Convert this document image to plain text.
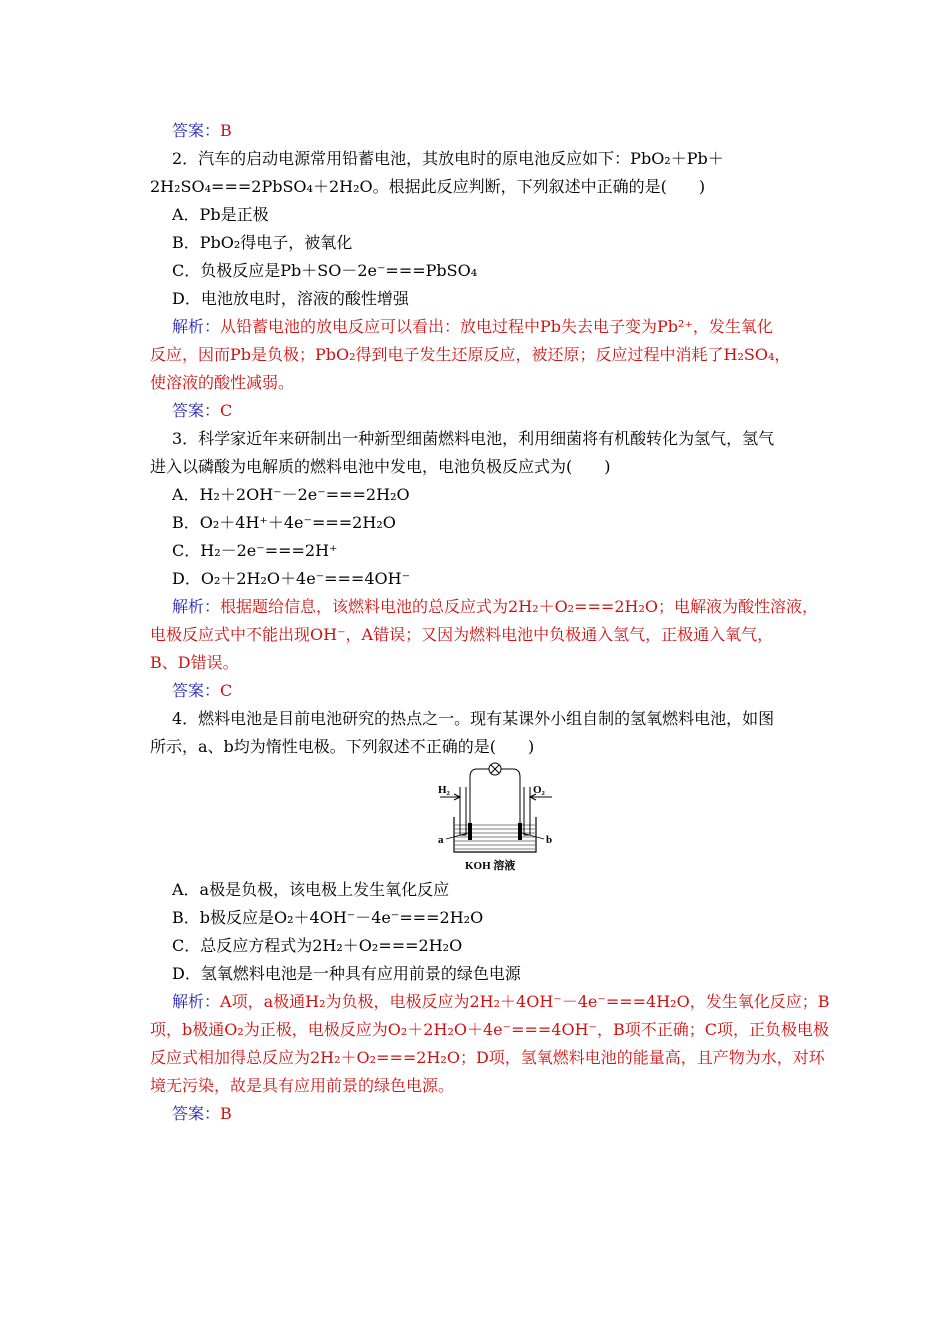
答案：B
2．汽车的启动电源常用铅蓄电池，其放电时的原电池反应如下：PbO₂＋Pb＋
2H₂SO₄===2PbSO₄＋2H₂O。根据此反应判断，下列叙述中正确的是(　　)
A．Pb是正极
B．PbO₂得电子，被氧化
C．负极反应是Pb＋SO－2e⁻===PbSO₄
D．电池放电时，溶液的酸性增强
解析：从铅蓄电池的放电反应可以看出：放电过程中Pb失去电子变为Pb²⁺，发生氧化
反应，因而Pb是负极；PbO₂得到电子发生还原反应，被还原；反应过程中消耗了H₂SO₄，
使溶液的酸性减弱。
答案：C
3．科学家近年来研制出一种新型细菌燃料电池，利用细菌将有机酸转化为氢气，氢气
进入以磷酸为电解质的燃料电池中发电，电池负极反应式为(　　)
A．H₂＋2OH⁻－2e⁻===2H₂O
B．O₂＋4H⁺＋4e⁻===2H₂O
C．H₂－2e⁻===2H⁺
D．O₂＋2H₂O＋4e⁻===4OH⁻
解析：根据题给信息，该燃料电池的总反应式为2H₂＋O₂===2H₂O；电解液为酸性溶液，
电极反应式中不能出现OH⁻，A错误；又因为燃料电池中负极通入氢气，正极通入氧气，
B、D错误。
答案：C
4．燃料电池是目前电池研究的热点之一。现有某课外小组自制的氢氧燃料电池，如图
所示，a、b均为惰性电极。下列叙述不正确的是(　　)
H₂	O₂
a	b
KOH 溶液
A．a极是负极，该电极上发生氧化反应
B．b极反应是O₂＋4OH⁻－4e⁻===2H₂O
C．总反应方程式为2H₂＋O₂===2H₂O
D．氢氧燃料电池是一种具有应用前景的绿色电源
解析：A项，a极通H₂为负极，电极反应为2H₂＋4OH⁻－4e⁻===4H₂O，发生氧化反应；B
项，b极通O₂为正极，电极反应为O₂＋2H₂O＋4e⁻===4OH⁻，B项不正确；C项，正负极电极
反应式相加得总反应为2H₂＋O₂===2H₂O；D项，氢氧燃料电池的能量高，且产物为水，对环
境无污染，故是具有应用前景的绿色电源。
答案：B
